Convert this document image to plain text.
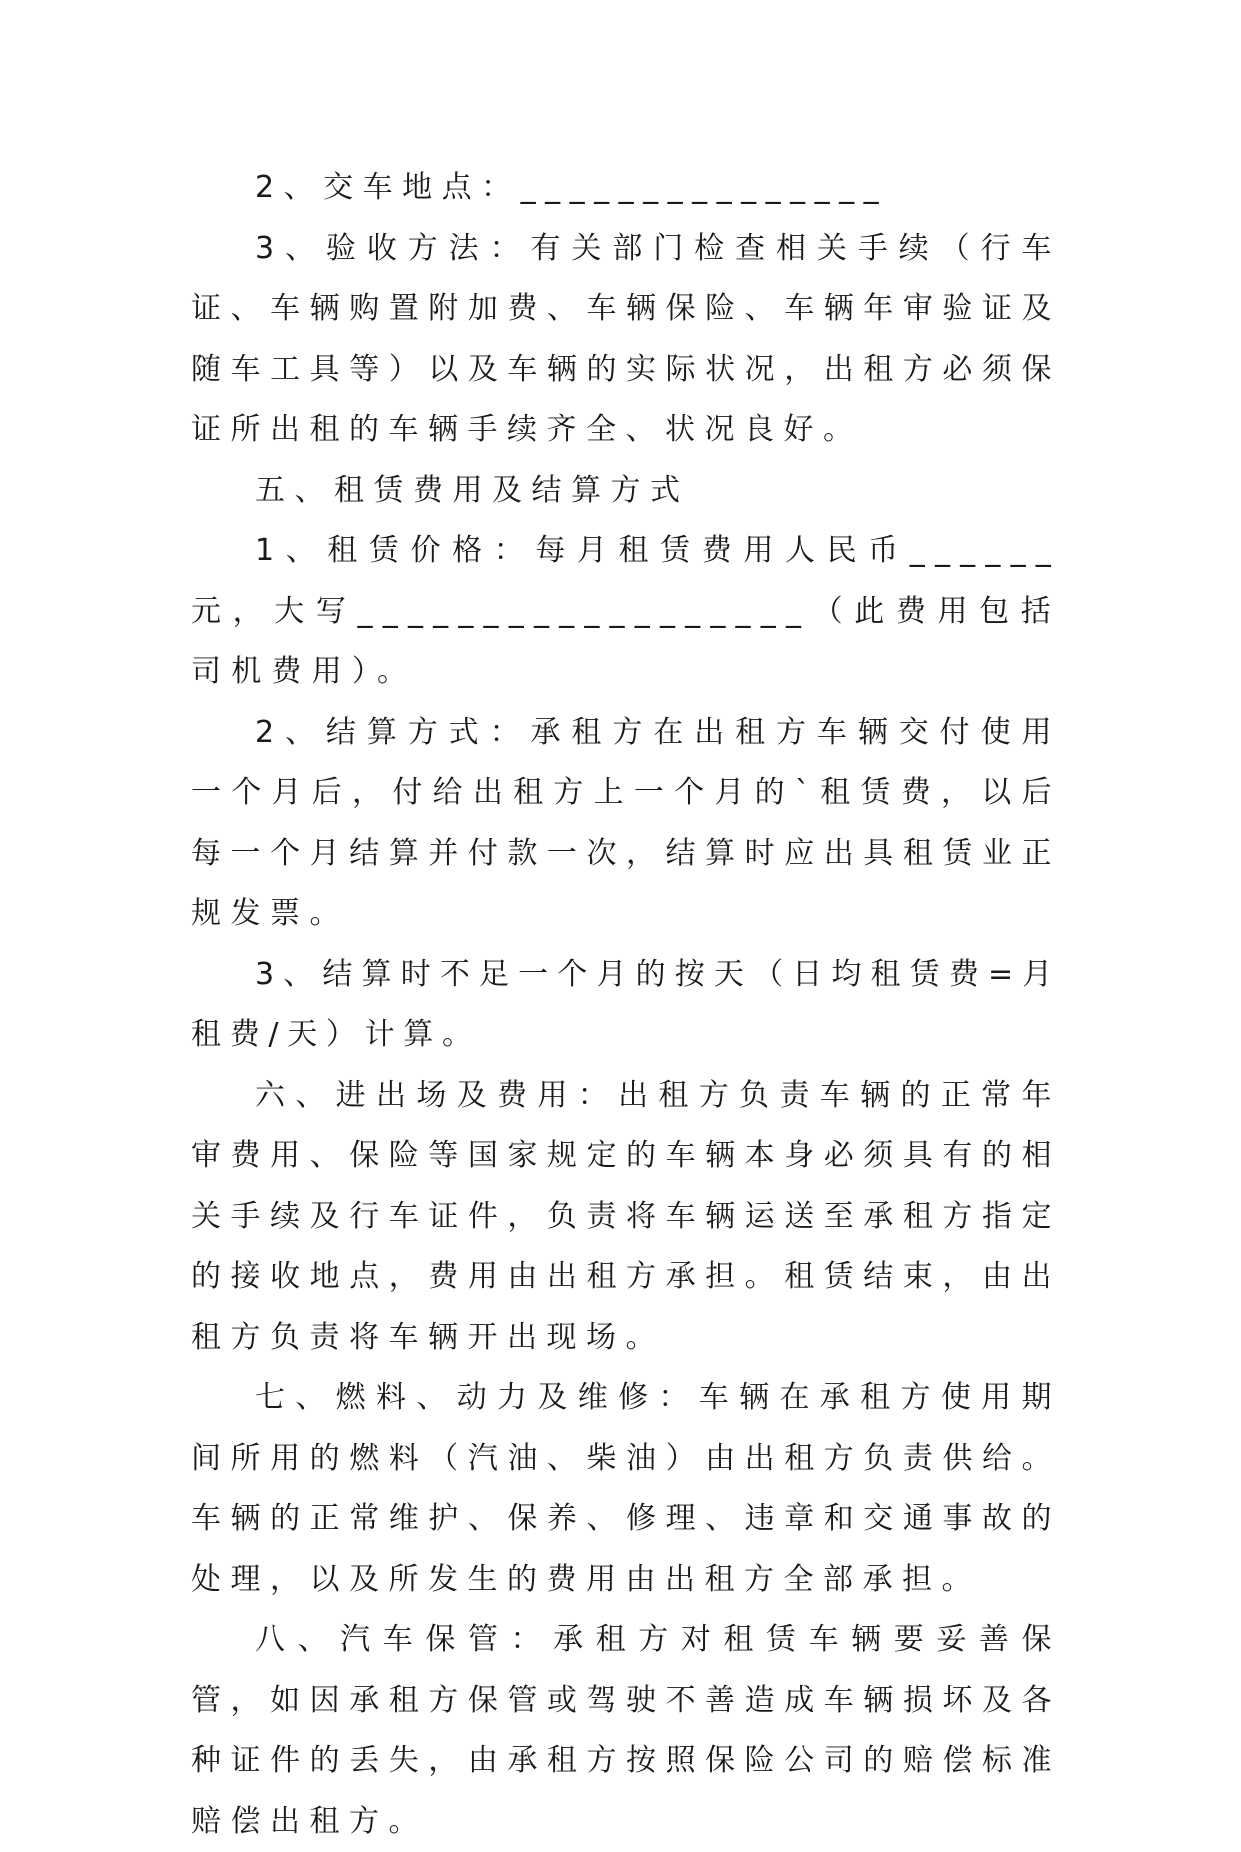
2、交车地点：_______________

3、验收方法：有关部门检查相关手续（行车证、车辆购置附加费、车辆保险、车辆年审验证及随车工具等）以及车辆的实际状况，出租方必须保证所出租的车辆手续齐全、状况良好。

五、租赁费用及结算方式

1、租赁价格：每月租赁费用人民币______元，大写__________________（此费用包括司机费用）。

2、结算方式：承租方在出租方车辆交付使用一个月后，付给出租方上一个月的`租赁费，以后每一个月结算并付款一次，结算时应出具租赁业正规发票。

3、结算时不足一个月的按天（日均租赁费=月租费/天）计算。

六、进出场及费用：出租方负责车辆的正常年审费用、保险等国家规定的车辆本身必须具有的相关手续及行车证件，负责将车辆运送至承租方指定的接收地点，费用由出租方承担。租赁结束，由出租方负责将车辆开出现场。

七、燃料、动力及维修：车辆在承租方使用期间所用的燃料（汽油、柴油）由出租方负责供给。车辆的正常维护、保养、修理、违章和交通事故的处理，以及所发生的费用由出租方全部承担。

八、汽车保管：承租方对租赁车辆要妥善保管，如因承租方保管或驾驶不善造成车辆损坏及各种证件的丢失，由承租方按照保险公司的赔偿标准赔偿出租方。
